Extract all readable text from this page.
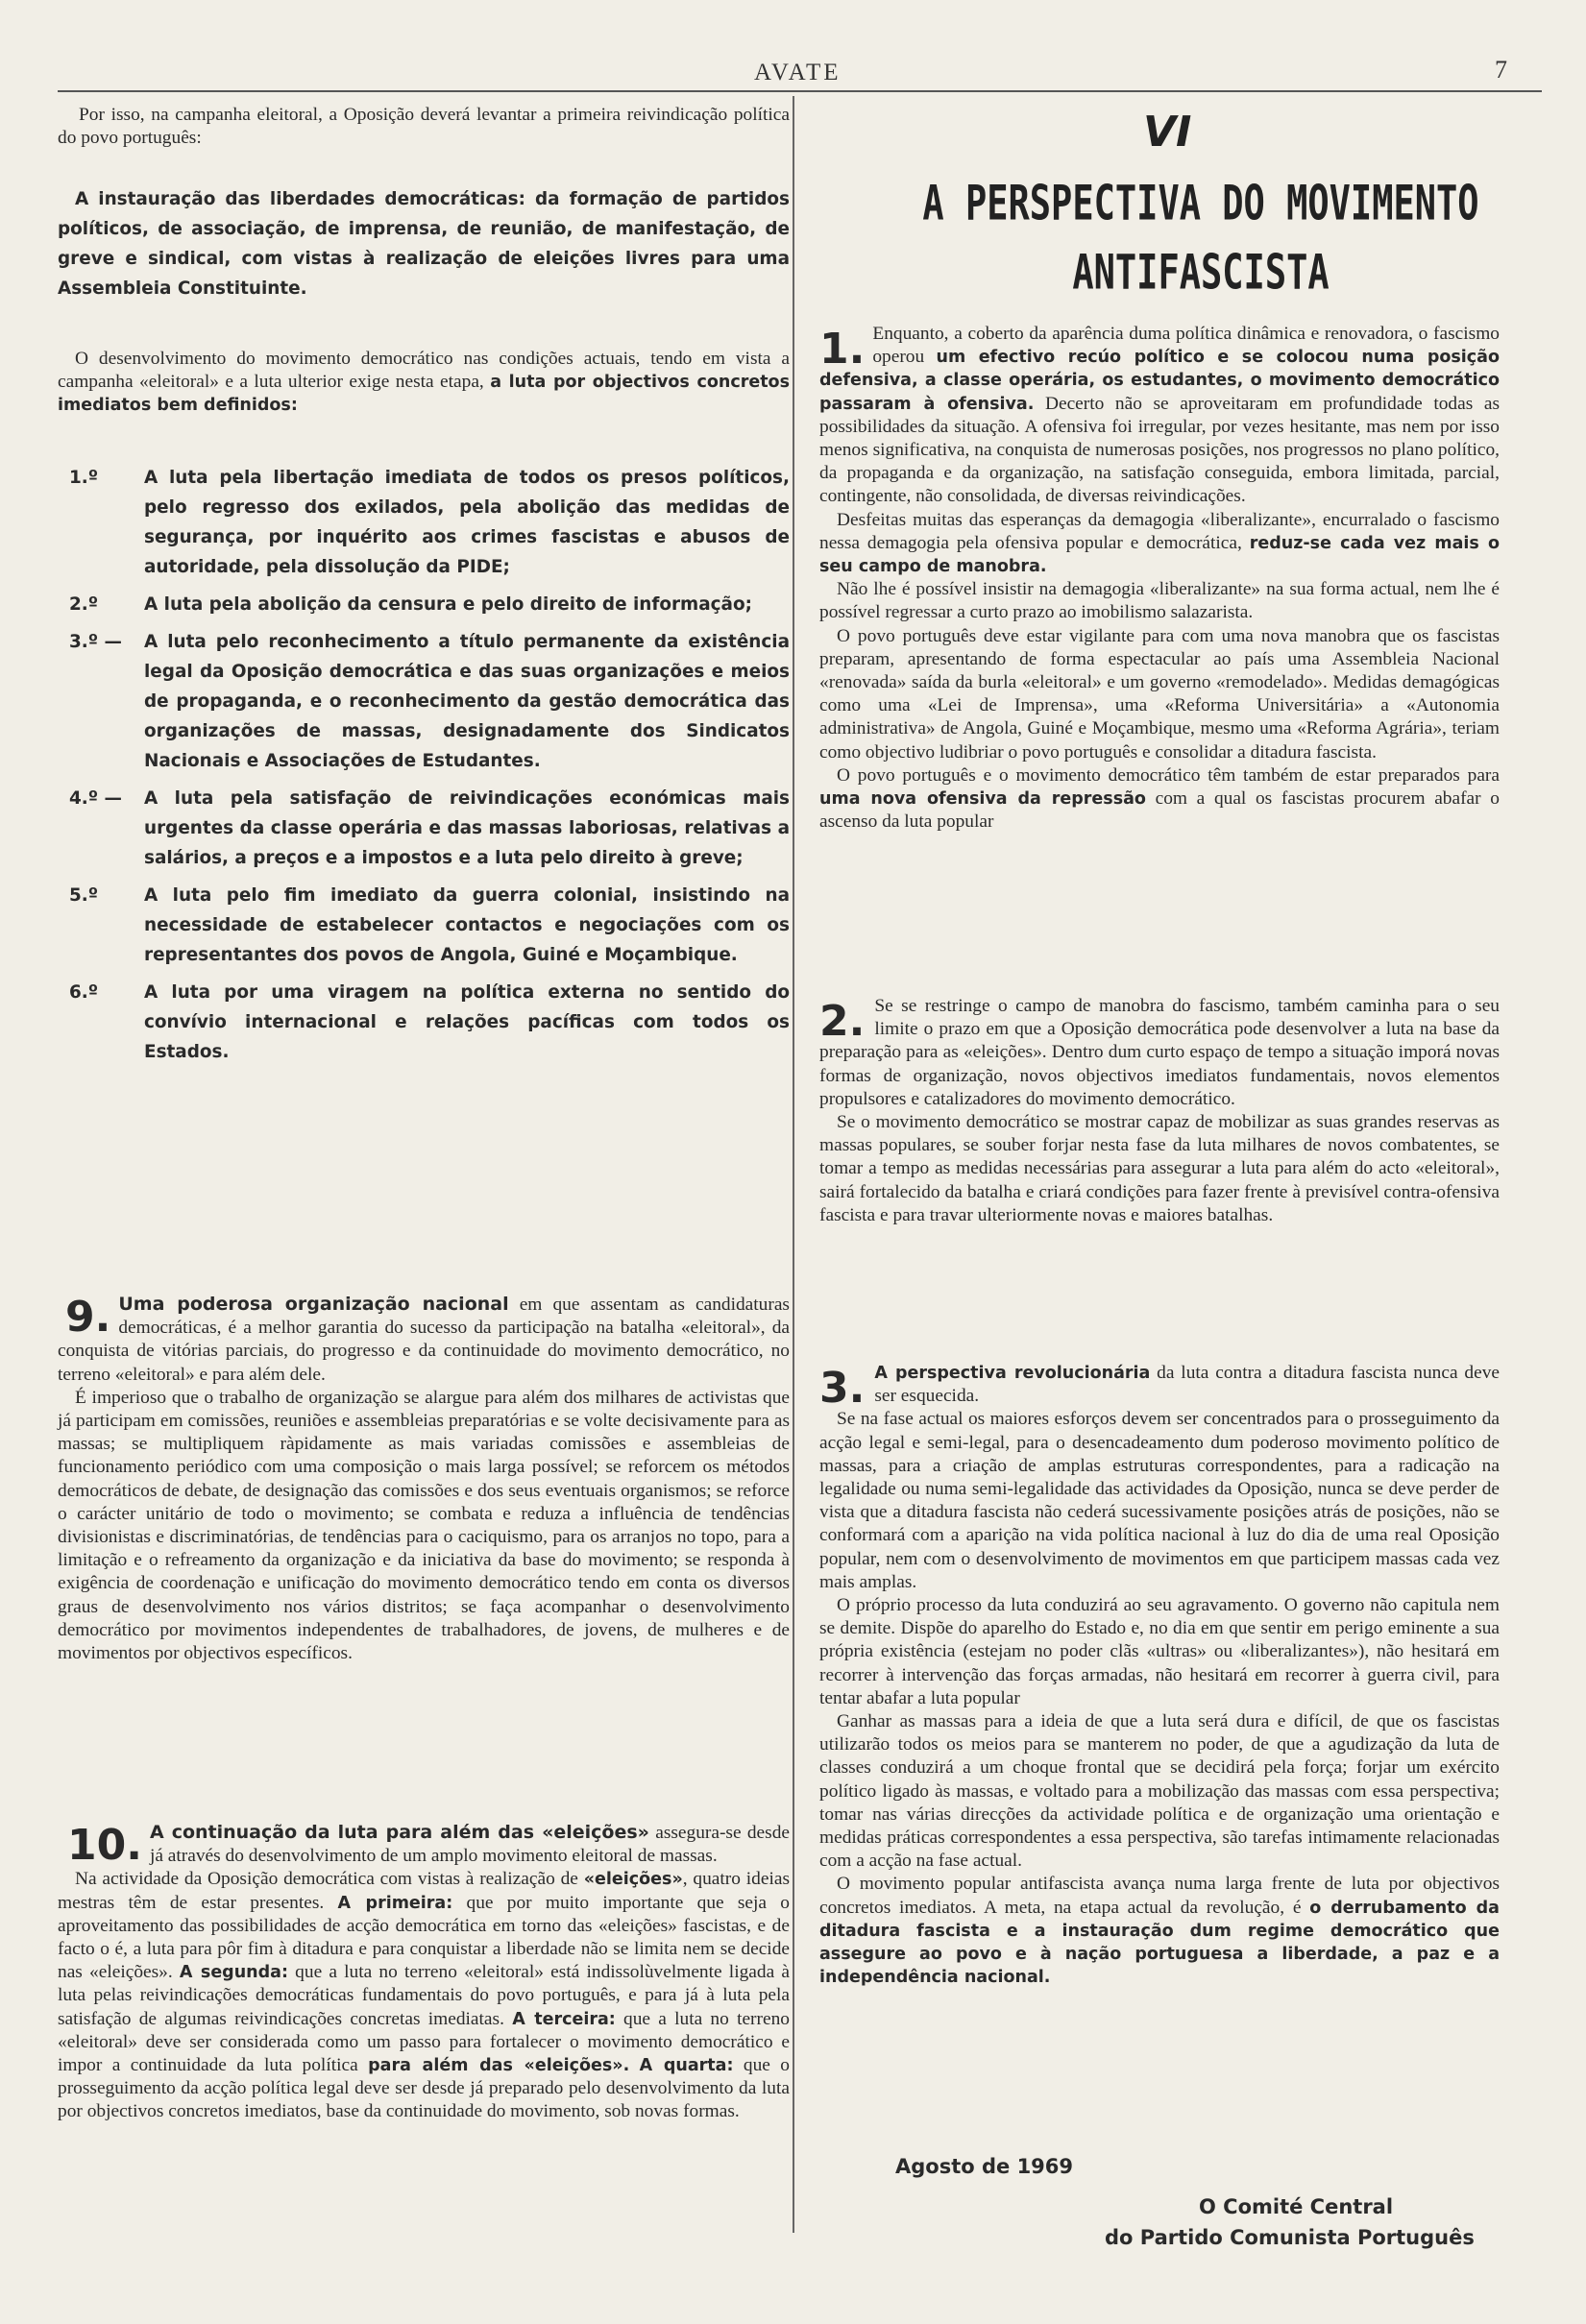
AVATE	7

Por isso, na campanha eleitoral, a Oposição deverá levantar a primeira reivindicação política do povo português:

A instauração das liberdades democráticas: da formação de partidos políticos, de associação, de imprensa, de reunião, de manifestação, de greve e sindical, com vistas à realização de eleições livres para uma Assembleia Constituinte.

O desenvolvimento do movimento democrático nas condições actuais, tendo em vista a campanha «eleitoral» e a luta ulterior exige nesta etapa, a luta por objectivos concretos imediatos bem definidos:

1.º	A luta pela libertação imediata de todos os presos políticos, pelo regresso dos exilados, pela abolição das medidas de segurança, por inquérito aos crimes fascistas e abusos de autoridade, pela dissolução da PIDE;
2.º	A luta pela abolição da censura e pelo direito de informação;
3.º —	A luta pelo reconhecimento a título permanente da existência legal da Oposição democrática e das suas organizações e meios de propaganda, e o reconhecimento da gestão democrática das organizações de massas, designadamente dos Sindicatos Nacionais e Associações de Estudantes.
4.º —	A luta pela satisfação de reivindicações económicas mais urgentes da classe operária e das massas laboriosas, relativas a salários, a preços e a impostos e a luta pelo direito à greve;
5.º	A luta pelo fim imediato da guerra colonial, insistindo na necessidade de estabelecer contactos e negociações com os representantes dos povos de Angola, Guiné e Moçambique.
6.º	A luta por uma viragem na política externa no sentido do convívio internacional e relações pacíficas com todos os Estados.

9. Uma poderosa organização nacional em que assentam as candidaturas democráticas, é a melhor garantia do sucesso da participação na batalha «eleitoral», da conquista de vitórias parciais, do progresso e da continuidade do movimento democrático, no terreno «eleitoral» e para além dele.

É imperioso que o trabalho de organização se alargue para além dos milhares de activistas que já participam em comissões, reuniões e assembleias preparatórias e se volte decisivamente para as massas; se multipliquem ràpidamente as mais variadas comissões e assembleias de funcionamento periódico com uma composição o mais larga possível; se reforcem os métodos democráticos de debate, de designação das comissões e dos seus eventuais organismos; se reforce o carácter unitário de todo o movimento; se combata e reduza a influência de tendências divisionistas e discriminatórias, de tendências para o caciquismo, para os arranjos no topo, para a limitação e o refreamento da organização e da iniciativa da base do movimento; se responda à exigência de coordenação e unificação do movimento democrático tendo em conta os diversos graus de desenvolvimento nos vários distritos; se faça acompanhar o desenvolvimento democrático por movimentos independentes de trabalhadores, de jovens, de mulheres e de movimentos por objectivos específicos.

10. A continuação da luta para além das «eleições» assegura-se desde já através do desenvolvimento de um amplo movimento eleitoral de massas.

Na actividade da Oposição democrática com vistas à realização de «eleições», quatro ideias mestras têm de estar presentes. A primeira: que por muito importante que seja o aproveitamento das possibilidades de acção democrática em torno das «eleições» fascistas, e de facto o é, a luta para pôr fim à ditadura e para conquistar a liberdade não se limita nem se decide nas «eleições». A segunda: que a luta no terreno «eleitoral» está indissolùvelmente ligada à luta pelas reivindicações democráticas fundamentais do povo português, e para já à luta pela satisfação de algumas reivindicações concretas imediatas. A terceira: que a luta no terreno «eleitoral» deve ser considerada como um passo para fortalecer o movimento democrático e impor a continuidade da luta política para além das «eleições». A quarta: que o prosseguimento da acção política legal deve ser desde já preparado pelo desenvolvimento da luta por objectivos concretos imediatos, base da continuidade do movimento, sob novas formas.

VI
A PERSPECTIVA DO MOVIMENTO
ANTIFASCISTA

1. Enquanto, a coberto da aparência duma política dinâmica e renovadora, o fascismo operou um efectivo recúo político e se colocou numa posição defensiva, a classe operária, os estudantes, o movimento democrático passaram à ofensiva. Decerto não se aproveitaram em profundidade todas as possibilidades da situação. A ofensiva foi irregular, por vezes hesitante, mas nem por isso menos significativa, na conquista de numerosas posições, nos progressos no plano político, da propaganda e da organização, na satisfação conseguida, embora limitada, parcial, contingente, não consolidada, de diversas reivindicações.

Desfeitas muitas das esperanças da demagogia «liberalizante», encurralado o fascismo nessa demagogia pela ofensiva popular e democrática, reduz-se cada vez mais o seu campo de manobra.

Não lhe é possível insistir na demagogia «liberalizante» na sua forma actual, nem lhe é possível regressar a curto prazo ao imobilismo salazarista.

O povo português deve estar vigilante para com uma nova manobra que os fascistas preparam, apresentando de forma espectacular ao país uma Assembleia Nacional «renovada» saída da burla «eleitoral» e um governo «remodelado». Medidas demagógicas como uma «Lei de Imprensa», uma «Reforma Universitária» a «Autonomia administrativa» de Angola, Guiné e Moçambique, mesmo uma «Reforma Agrária», teriam como objectivo ludibriar o povo português e consolidar a ditadura fascista.

O povo português e o movimento democrático têm também de estar preparados para uma nova ofensiva da repressão com a qual os fascistas procurem abafar o ascenso da luta popular

2. Se se restringe o campo de manobra do fascismo, também caminha para o seu limite o prazo em que a Oposição democrática pode desenvolver a luta na base da preparação para as «eleições». Dentro dum curto espaço de tempo a situação imporá novas formas de organização, novos objectivos imediatos fundamentais, novos elementos propulsores e catalizadores do movimento democrático.

Se o movimento democrático se mostrar capaz de mobilizar as suas grandes reservas as massas populares, se souber forjar nesta fase da luta milhares de novos combatentes, se tomar a tempo as medidas necessárias para assegurar a luta para além do acto «eleitoral», sairá fortalecido da batalha e criará condições para fazer frente à previsível contra-ofensiva fascista e para travar ulteriormente novas e maiores batalhas.

3. A perspectiva revolucionária da luta contra a ditadura fascista nunca deve ser esquecida.

Se na fase actual os maiores esforços devem ser concentrados para o prosseguimento da acção legal e semi-legal, para o desencadeamento dum poderoso movimento político de massas, para a criação de amplas estruturas correspondentes, para a radicação na legalidade ou numa semi-legalidade das actividades da Oposição, nunca se deve perder de vista que a ditadura fascista não cederá sucessivamente posições atrás de posições, não se conformará com a aparição na vida política nacional à luz do dia de uma real Oposição popular, nem com o desenvolvimento de movimentos em que participem massas cada vez mais amplas.

O próprio processo da luta conduzirá ao seu agravamento. O governo não capitula nem se demite. Dispõe do aparelho do Estado e, no dia em que sentir em perigo eminente a sua própria existência (estejam no poder clãs «ultras» ou «liberalizantes»), não hesitará em recorrer à intervenção das forças armadas, não hesitará em recorrer à guerra civil, para tentar abafar a luta popular

Ganhar as massas para a ideia de que a luta será dura e difícil, de que os fascistas utilizarão todos os meios para se manterem no poder, de que a agudização da luta de classes conduzirá a um choque frontal que se decidirá pela força; forjar um exército político ligado às massas, e voltado para a mobilização das massas com essa perspectiva; tomar nas várias direcções da actividade política e de organização uma orientação e medidas práticas correspondentes a essa perspectiva, são tarefas intimamente relacionadas com a acção na fase actual.

O movimento popular antifascista avança numa larga frente de luta por objectivos concretos imediatos. A meta, na etapa actual da revolução, é o derrubamento da ditadura fascista e a instauração dum regime democrático que assegure ao povo e à nação portuguesa a liberdade, a paz e a independência nacional.

Agosto de 1969
O Comité Central
do Partido Comunista Português
